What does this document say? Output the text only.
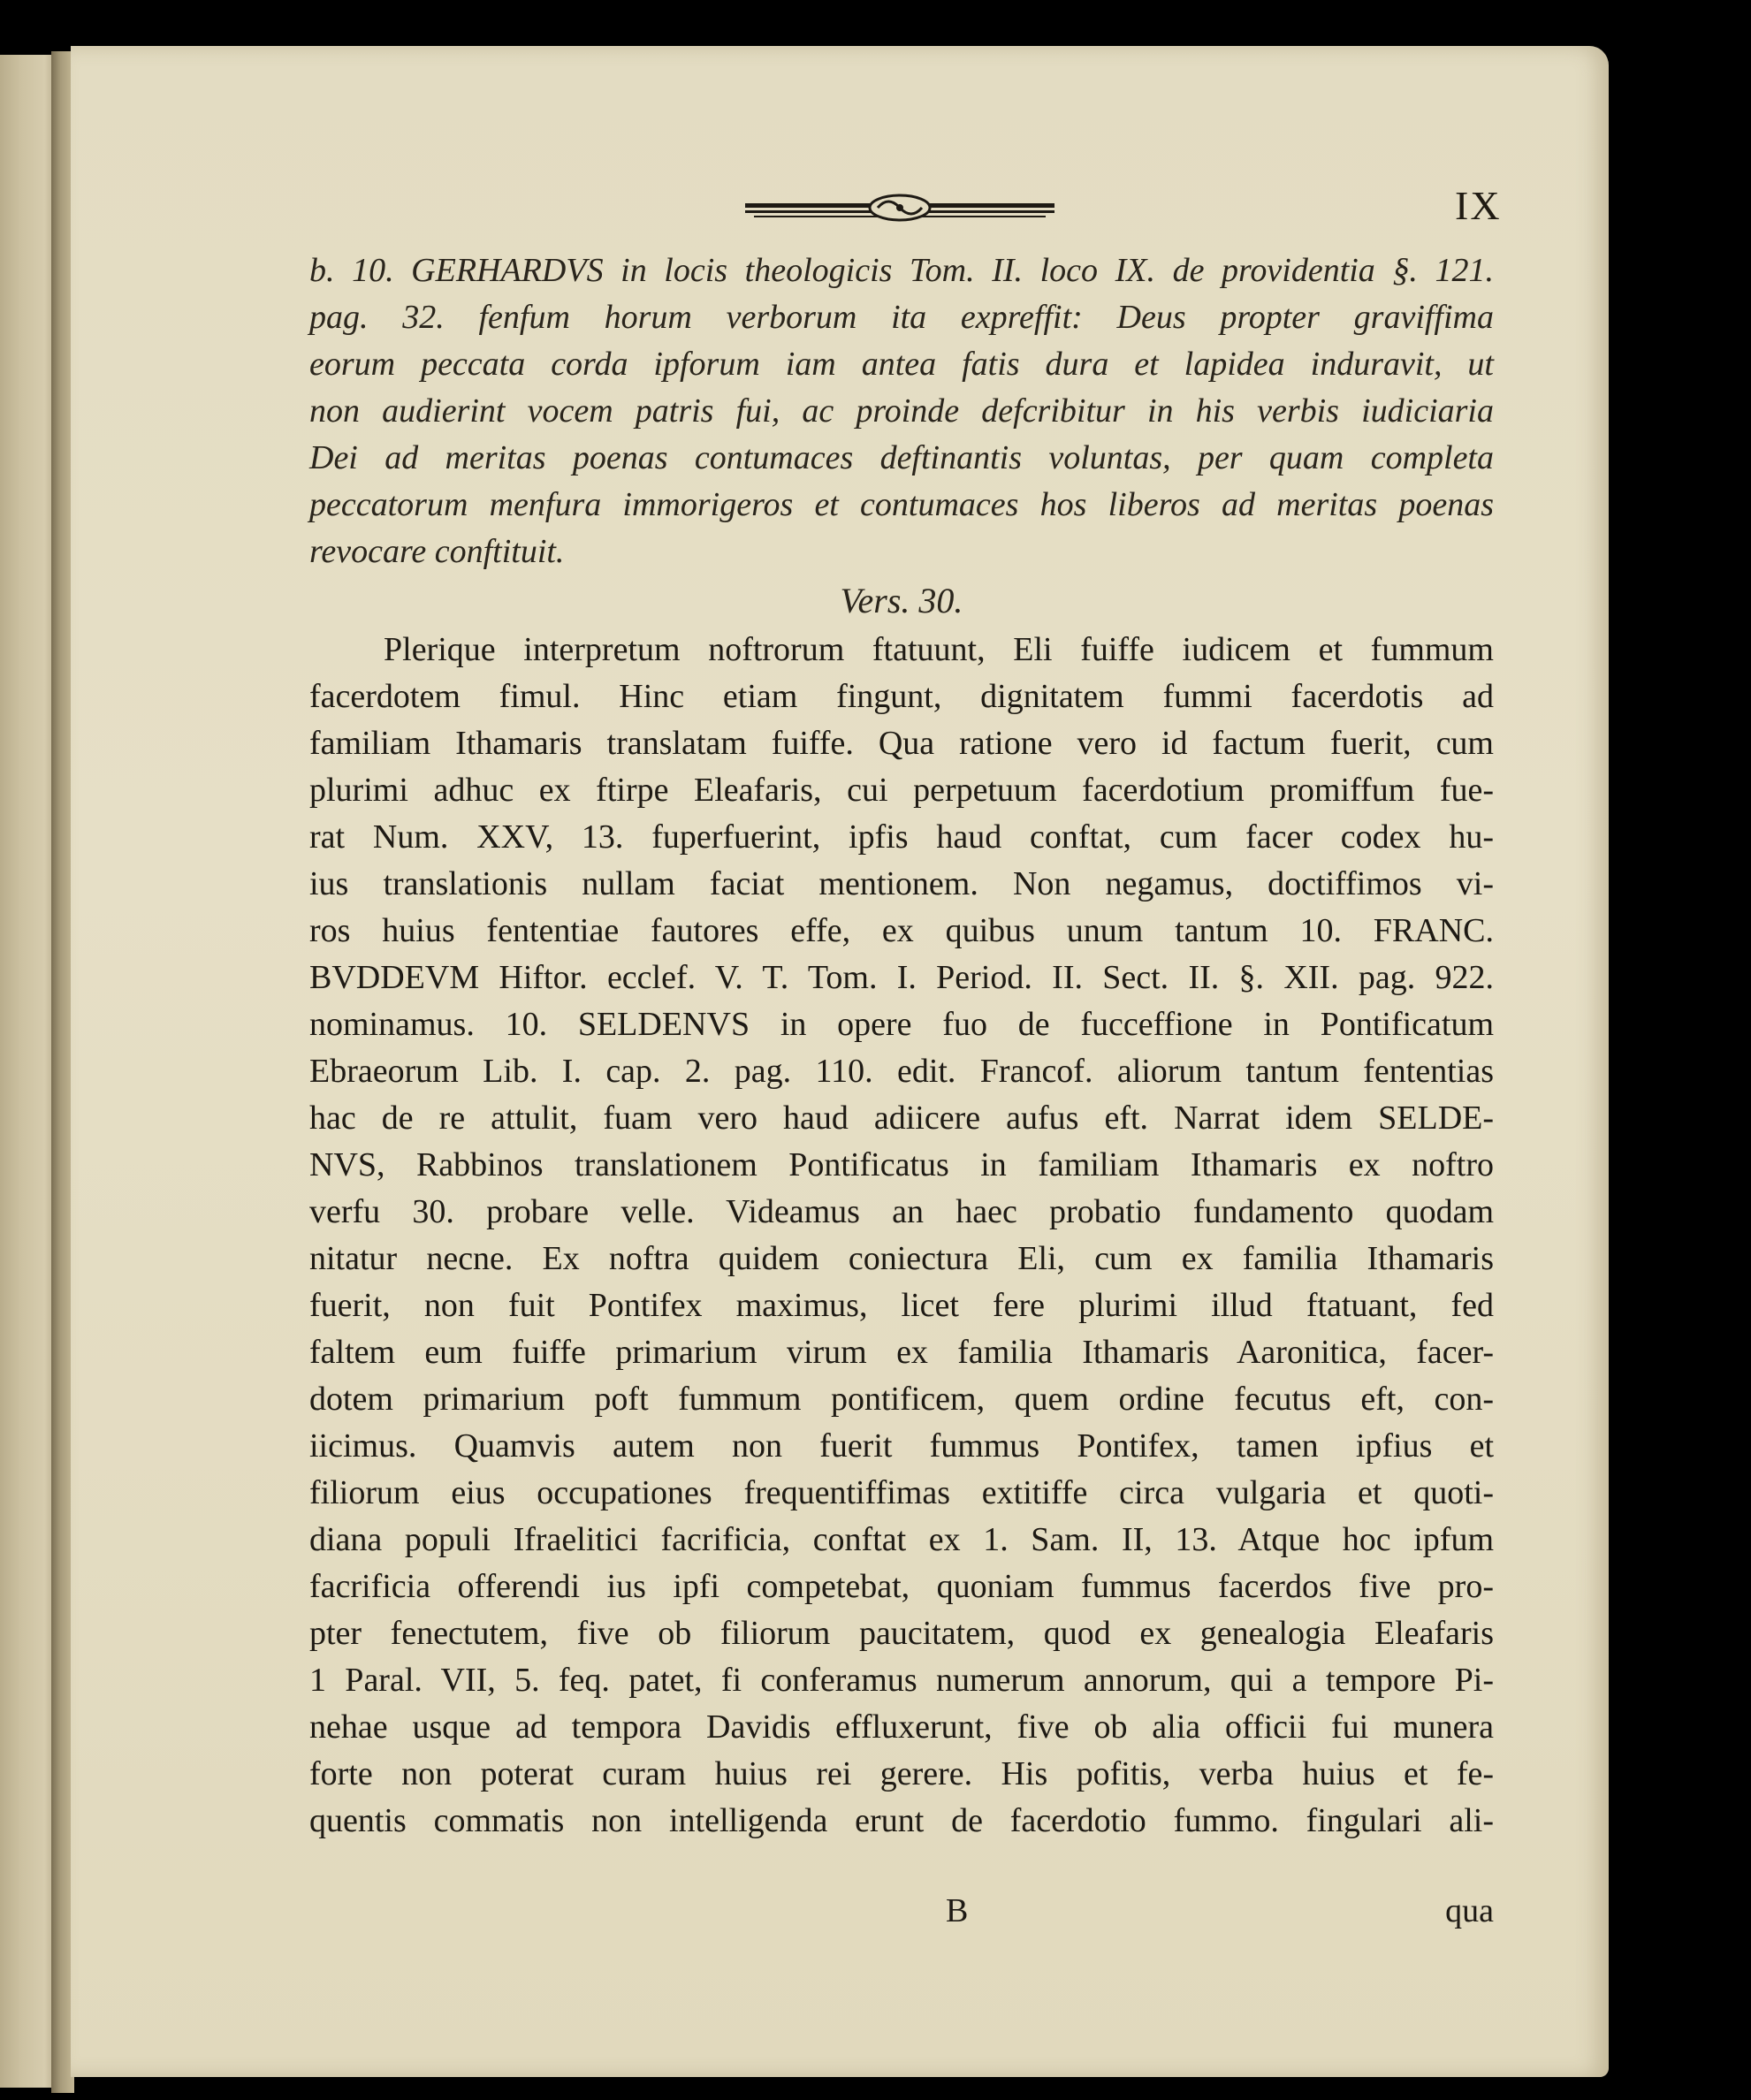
IX
b. 10. GERHARDVS in locis theologicis Tom. II. loco IX. de providentia §. 121.
pag. 32. fenfum horum verborum ita expreffit: Deus propter graviffima
eorum peccata corda ipforum iam antea fatis dura et lapidea induravit, ut
non audierint vocem patris fui, ac proinde defcribitur in his verbis iudiciaria
Dei ad meritas poenas contumaces deftinantis voluntas, per quam completa
peccatorum menfura immorigeros et contumaces hos liberos ad meritas poenas
revocare conftituit.
Vers. 30.
Plerique interpretum noftrorum ftatuunt, Eli fuiffe iudicem et fummum
facerdotem fimul. Hinc etiam fingunt, dignitatem fummi facerdotis ad
familiam Ithamaris translatam fuiffe. Qua ratione vero id factum fuerit, cum
plurimi adhuc ex ftirpe Eleafaris, cui perpetuum facerdotium promiffum fue-
rat Num. XXV, 13. fuperfuerint, ipfis haud conftat, cum facer codex hu-
ius translationis nullam faciat mentionem. Non negamus, doctiffimos vi-
ros huius fententiae fautores effe, ex quibus unum tantum 10. FRANC.
BVDDEVM Hiftor. ecclef. V. T. Tom. I. Period. II. Sect. II. §. XII. pag. 922.
nominamus. 10. SELDENVS in opere fuo de fucceffione in Pontificatum
Ebraeorum Lib. I. cap. 2. pag. 110. edit. Francof. aliorum tantum fententias
hac de re attulit, fuam vero haud adiicere aufus eft. Narrat idem SELDE-
NVS, Rabbinos translationem Pontificatus in familiam Ithamaris ex noftro
verfu 30. probare velle. Videamus an haec probatio fundamento quodam
nitatur necne. Ex noftra quidem coniectura Eli, cum ex familia Ithamaris
fuerit, non fuit Pontifex maximus, licet fere plurimi illud ftatuant, fed
faltem eum fuiffe primarium virum ex familia Ithamaris Aaronitica, facer-
dotem primarium poft fummum pontificem, quem ordine fecutus eft, con-
iicimus. Quamvis autem non fuerit fummus Pontifex, tamen ipfius et
filiorum eius occupationes frequentiffimas extitiffe circa vulgaria et quoti-
diana populi Ifraelitici facrificia, conftat ex 1. Sam. II, 13. Atque hoc ipfum
facrificia offerendi ius ipfi competebat, quoniam fummus facerdos five pro-
pter fenectutem, five ob filiorum paucitatem, quod ex genealogia Eleafaris
1 Paral. VII, 5. feq. patet, fi conferamus numerum annorum, qui a tempore Pi-
nehae usque ad tempora Davidis effluxerunt, five ob alia officii fui munera
forte non poterat curam huius rei gerere. His pofitis, verba huius et fe-
quentis commatis non intelligenda erunt de facerdotio fummo. fingulari ali-
B	qua
